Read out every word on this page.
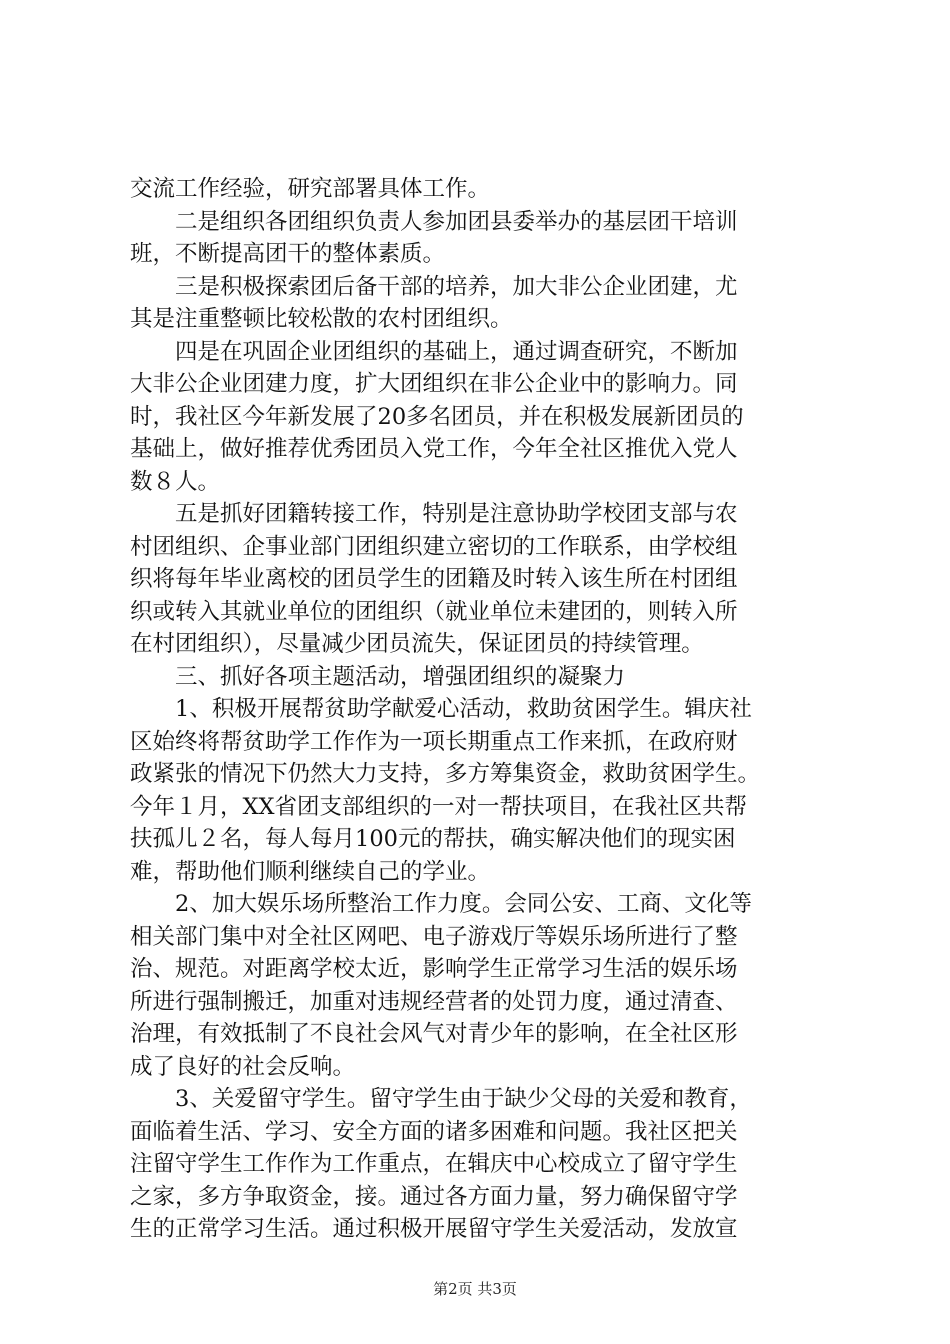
交流工作经验，研究部署具体工作。
　　二是组织各团组织负责人参加团县委举办的基层团干培训
班，不断提高团干的整体素质。
　　三是积极探索团后备干部的培养，加大非公企业团建，尤
其是注重整顿比较松散的农村团组织。
　　四是在巩固企业团组织的基础上，通过调查研究，不断加
大非公企业团建力度，扩大团组织在非公企业中的影响力。同
时，我社区今年新发展了20多名团员，并在积极发展新团员的
基础上，做好推荐优秀团员入党工作，今年全社区推优入党人
数８人。
　　五是抓好团籍转接工作，特别是注意协助学校团支部与农
村团组织、企事业部门团组织建立密切的工作联系，由学校组
织将每年毕业离校的团员学生的团籍及时转入该生所在村团组
织或转入其就业单位的团组织（就业单位未建团的，则转入所
在村团组织），尽量减少团员流失，保证团员的持续管理。
　　三、抓好各项主题活动，增强团组织的凝聚力
　　1、积极开展帮贫助学献爱心活动，救助贫困学生。辑庆社
区始终将帮贫助学工作作为一项长期重点工作来抓，在政府财
政紧张的情况下仍然大力支持，多方筹集资金，救助贫困学生。
今年１月，XX省团支部组织的一对一帮扶项目，在我社区共帮
扶孤儿２名，每人每月100元的帮扶，确实解决他们的现实困
难，帮助他们顺利继续自己的学业。
　　2、加大娱乐场所整治工作力度。会同公安、工商、文化等
相关部门集中对全社区网吧、电子游戏厅等娱乐场所进行了整
治、规范。对距离学校太近，影响学生正常学习生活的娱乐场
所进行强制搬迁，加重对违规经营者的处罚力度，通过清查、
治理，有效抵制了不良社会风气对青少年的影响，在全社区形
成了良好的社会反响。
　　3、关爱留守学生。留守学生由于缺少父母的关爱和教育，
面临着生活、学习、安全方面的诸多困难和问题。我社区把关
注留守学生工作作为工作重点，在辑庆中心校成立了留守学生
之家，多方争取资金，接。通过各方面力量，努力确保留守学
生的正常学习生活。通过积极开展留守学生关爱活动，发放宣
第2页 共3页
